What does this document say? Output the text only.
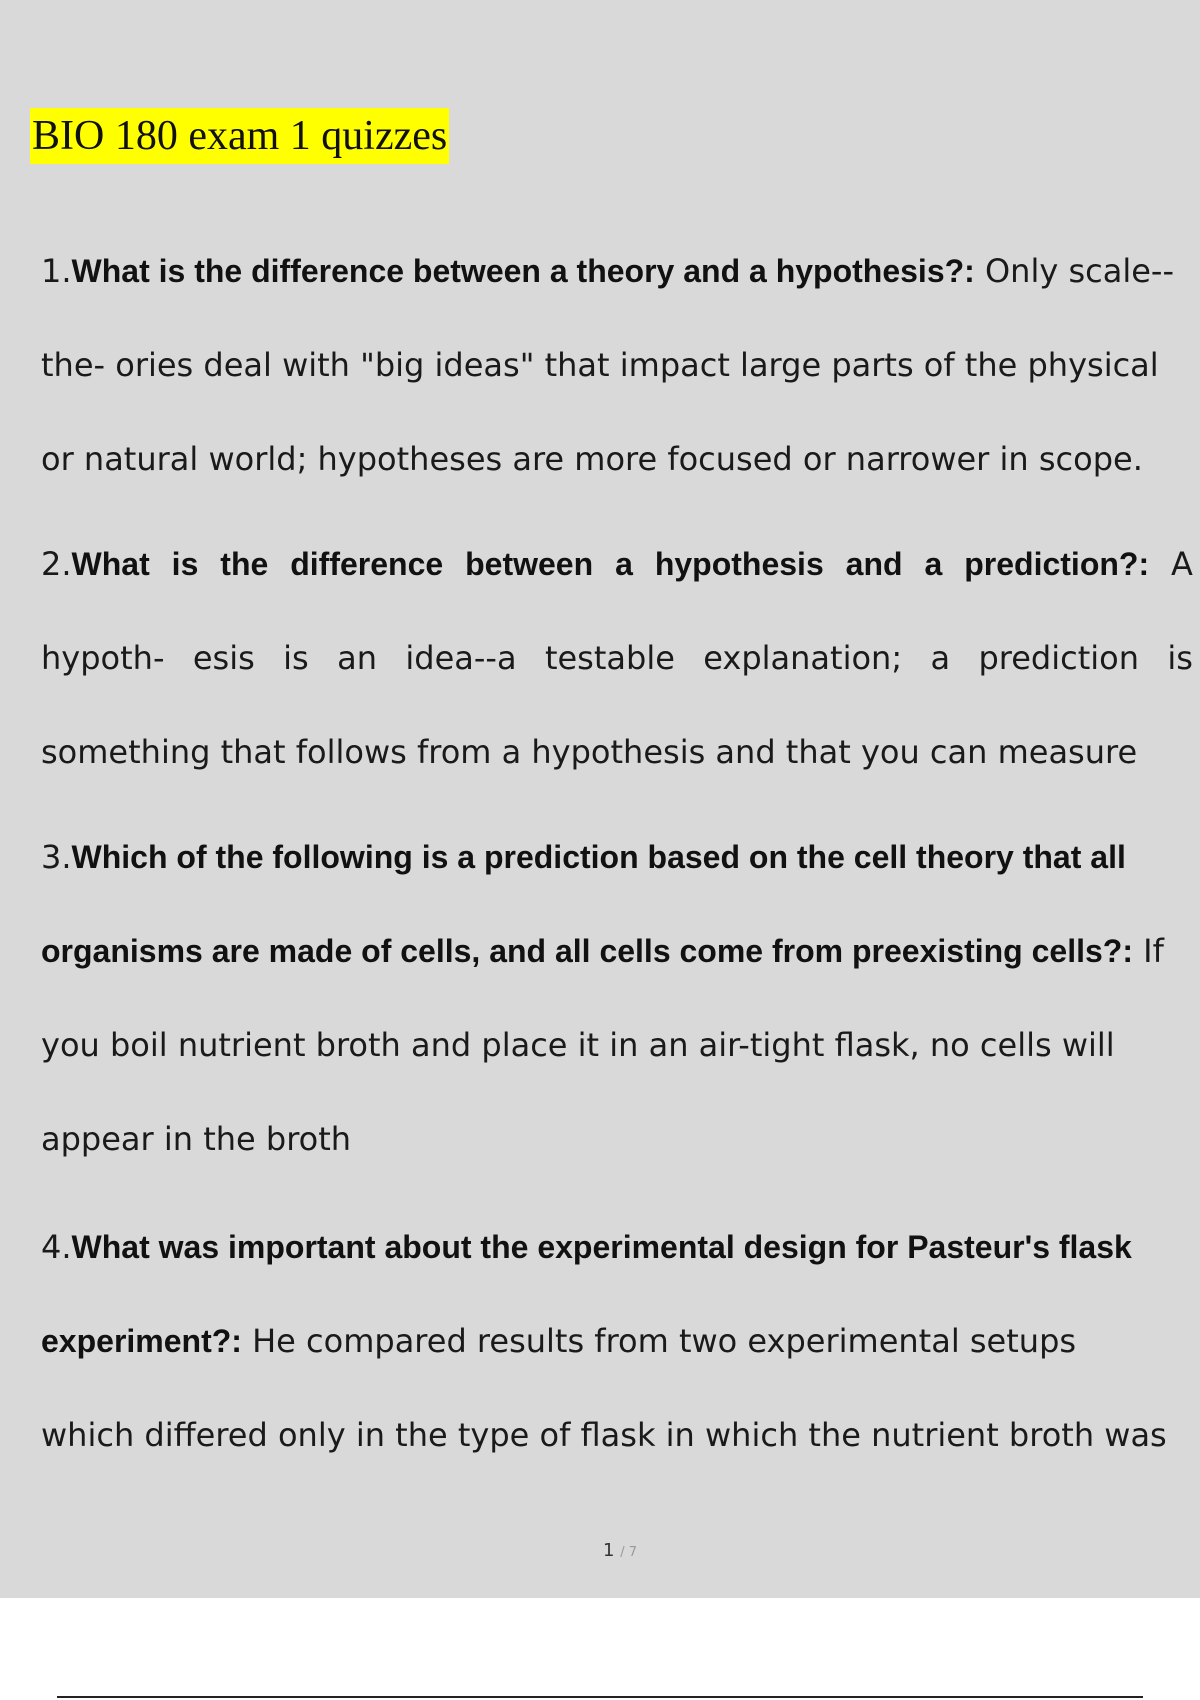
BIO 180 exam 1 quizzes
1.What is the difference between a theory and a hypothesis?: Only scale--
the- ories deal with "big ideas" that impact large parts of the physical
or natural world; hypotheses are more focused or narrower in scope.
2. What is the difference between a hypothesis and a prediction?: A
hypoth- esis is an idea--a testable explanation; a prediction is
something that follows from a hypothesis and that you can measure
3.Which of the following is a prediction based on the cell theory that all
organisms are made of cells, and all cells come from preexisting cells?: If
you boil nutrient broth and place it in an air-tight flask, no cells will
appear in the broth
4.What was important about the experimental design for Pasteur's flask
experiment?: He compared results from two experimental setups
which differed only in the type of flask in which the nutrient broth was
1 / 7
